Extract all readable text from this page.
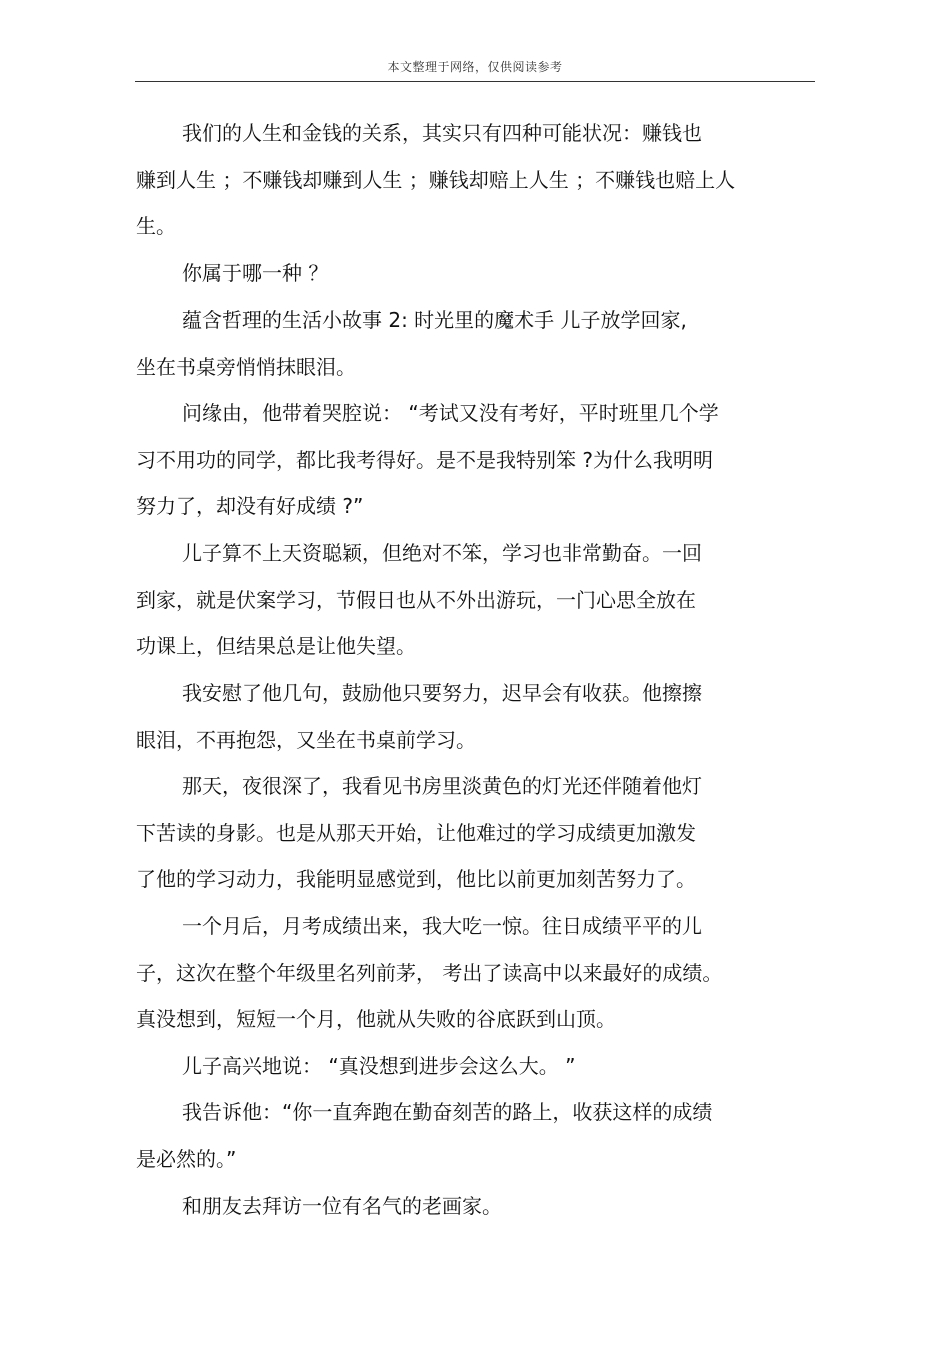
本文整理于网络，仅供阅读参考
我们的人生和金钱的关系，其实只有四种可能状况：赚钱也
赚到人生 ；不赚钱却赚到人生 ；赚钱却赔上人生 ；不赚钱也赔上人
生。
你属于哪一种 ？
蕴含哲理的生活小故事 2: 时光里的魔术手 儿子放学回家,
坐在书桌旁悄悄抹眼泪。
问缘由，他带着哭腔说： “考试又没有考好，平时班里几个学
习不用功的同学，都比我考得好。是不是我特别笨 ?为什么我明明
努力了，却没有好成绩 ?”
儿子算不上天资聪颖，但绝对不笨，学习也非常勤奋。一回
到家，就是伏案学习，节假日也从不外出游玩，一门心思全放在
功课上，但结果总是让他失望。
我安慰了他几句，鼓励他只要努力，迟早会有收获。他擦擦
眼泪，不再抱怨，又坐在书桌前学习。
那天，夜很深了，我看见书房里淡黄色的灯光还伴随着他灯
下苦读的身影。也是从那天开始，让他难过的学习成绩更加激发
了他的学习动力，我能明显感觉到，他比以前更加刻苦努力了。
一个月后，月考成绩出来，我大吃一惊。往日成绩平平的儿
子，这次在整个年级里名列前茅， 考出了读高中以来最好的成绩。
真没想到，短短一个月，他就从失败的谷底跃到山顶。
儿子高兴地说： “真没想到进步会这么大。 ”
我告诉他：“你一直奔跑在勤奋刻苦的路上，收获这样的成绩
是必然的。”
和朋友去拜访一位有名气的老画家。
